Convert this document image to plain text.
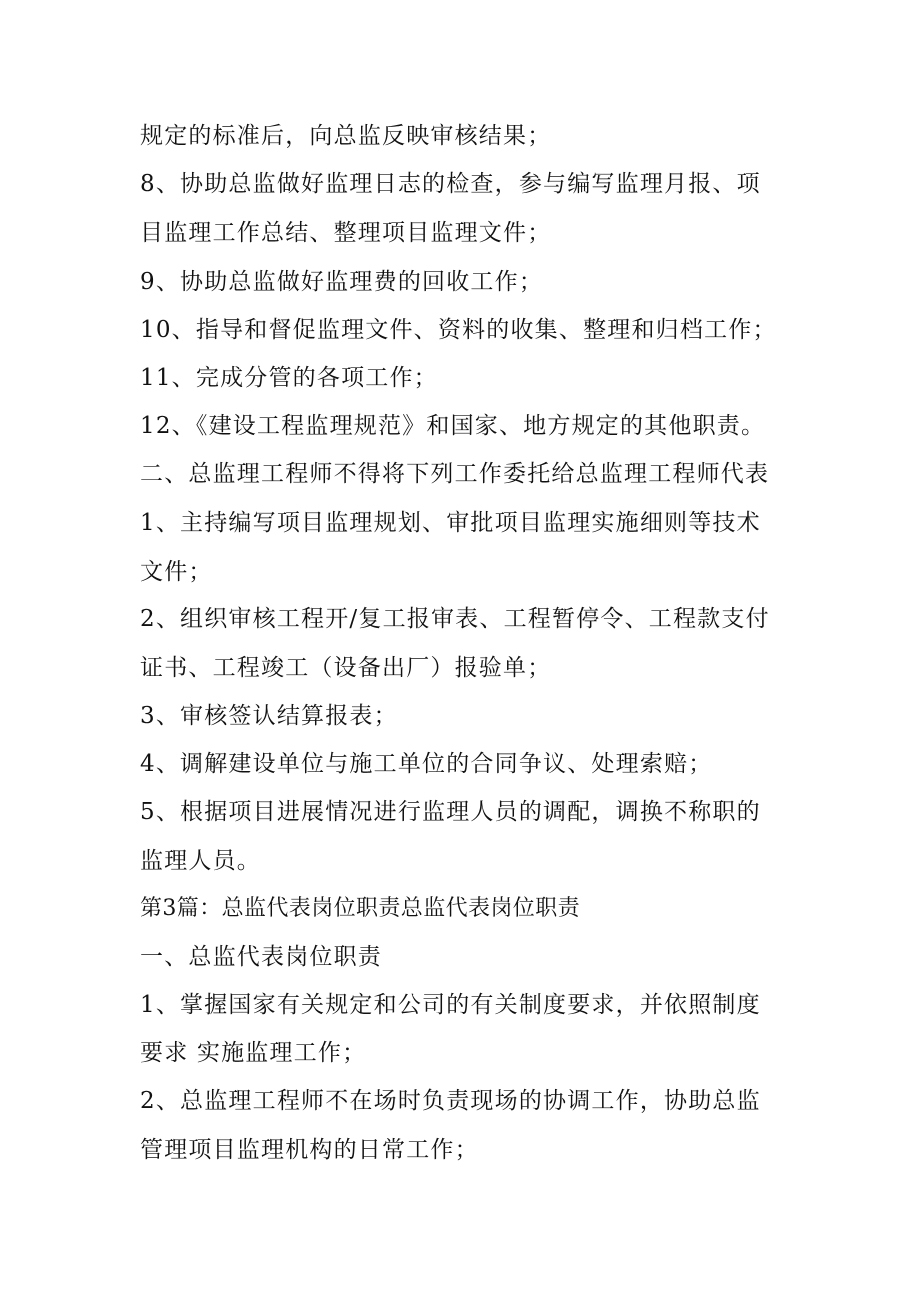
规定的标准后，向总监反映审核结果；
8、协助总监做好监理日志的检查，参与编写监理月报、项
目监理工作总结、整理项目监理文件；
9、协助总监做好监理费的回收工作；
10、指导和督促监理文件、资料的收集、整理和归档工作；
11、完成分管的各项工作；
12、《建设工程监理规范》和国家、地方规定的其他职责。
二、总监理工程师不得将下列工作委托给总监理工程师代表
1、主持编写项目监理规划、审批项目监理实施细则等技术
文件；
2、组织审核工程开/复工报审表、工程暂停令、工程款支付
证书、工程竣工（设备出厂）报验单；
3、审核签认结算报表；
4、调解建设单位与施工单位的合同争议、处理索赔；
5、根据项目进展情况进行监理人员的调配，调换不称职的
监理人员。
第3篇：总监代表岗位职责总监代表岗位职责
一、总监代表岗位职责
1、掌握国家有关规定和公司的有关制度要求，并依照制度
要求 实施监理工作；
2、总监理工程师不在场时负责现场的协调工作，协助总监
管理项目监理机构的日常工作；
